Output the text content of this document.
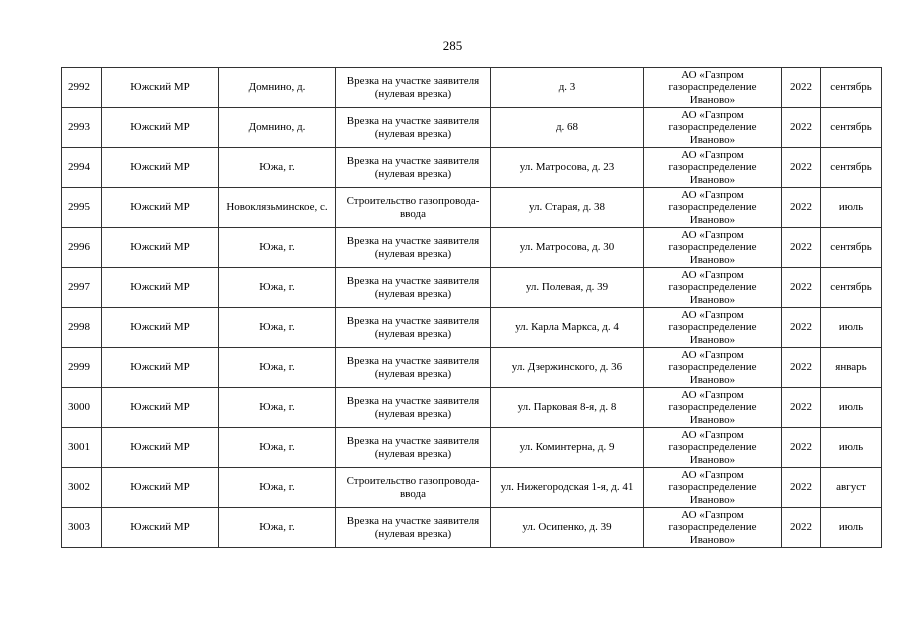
285
2992	Южский МР	Домнино, д.	Врезка на участке заявителя (нулевая врезка)	д. 3	АО «Газпром газораспределение Иваново»	2022	сентябрь
2993	Южский МР	Домнино, д.	Врезка на участке заявителя (нулевая врезка)	д. 68	АО «Газпром газораспределение Иваново»	2022	сентябрь
2994	Южский МР	Южа, г.	Врезка на участке заявителя (нулевая врезка)	ул. Матросова, д. 23	АО «Газпром газораспределение Иваново»	2022	сентябрь
2995	Южский МР	Новоклязьминское, с.	Строительство газопровода-ввода	ул. Старая, д. 38	АО «Газпром газораспределение Иваново»	2022	июль
2996	Южский МР	Южа, г.	Врезка на участке заявителя (нулевая врезка)	ул. Матросова, д. 30	АО «Газпром газораспределение Иваново»	2022	сентябрь
2997	Южский МР	Южа, г.	Врезка на участке заявителя (нулевая врезка)	ул. Полевая, д. 39	АО «Газпром газораспределение Иваново»	2022	сентябрь
2998	Южский МР	Южа, г.	Врезка на участке заявителя (нулевая врезка)	ул. Карла Маркса, д. 4	АО «Газпром газораспределение Иваново»	2022	июль
2999	Южский МР	Южа, г.	Врезка на участке заявителя (нулевая врезка)	ул. Дзержинского, д. 36	АО «Газпром газораспределение Иваново»	2022	январь
3000	Южский МР	Южа, г.	Врезка на участке заявителя (нулевая врезка)	ул. Парковая 8-я, д. 8	АО «Газпром газораспределение Иваново»	2022	июль
3001	Южский МР	Южа, г.	Врезка на участке заявителя (нулевая врезка)	ул. Коминтерна, д. 9	АО «Газпром газораспределение Иваново»	2022	июль
3002	Южский МР	Южа, г.	Строительство газопровода-ввода	ул. Нижегородская 1-я, д. 41	АО «Газпром газораспределение Иваново»	2022	август
3003	Южский МР	Южа, г.	Врезка на участке заявителя (нулевая врезка)	ул. Осипенко, д. 39	АО «Газпром газораспределение Иваново»	2022	июль
